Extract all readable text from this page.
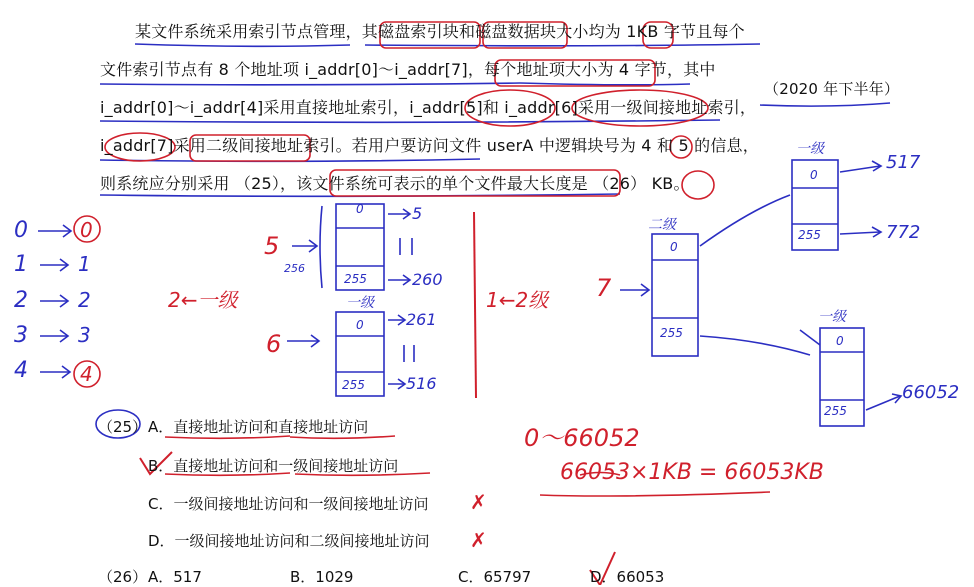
某文件系统采用索引节点管理，其磁盘索引块和磁盘数据块大小均为 1KB 字节且每个
文件索引节点有 8 个地址项 i_addr[0]～i_addr[7]，每个地址项大小为 4 字节，其中
i_addr[0]～i_addr[4]采用直接地址索引，i_addr[5]和 i_addr[6]采用一级间接地址索引，
i_addr[7]采用二级间接地址索引。若用户要访问文件 userA 中逻辑块号为 4 和 5 的信息，
则系统应分别采用 （25），该文件系统可表示的单个文件最大长度是 （26） KB。
（2020 年下半年）
（25） A．直接地址访问和直接地址访问
B．直接地址访问和一级间接地址访问
C．一级间接地址访问和一级间接地址访问
D．一级间接地址访问和二级间接地址访问
（26） A．517	B．1029	C．65797	D．66053
0
1
2
3
4
0
1
2
3
4
5
256
2←一级
6
0
255
一级
0
255
5
260
261
516
1←2级 7
二级
0
255
一级
0
255
517
772
一级
0
255
66052
0～66052
66053×1KB = 66053KB
✗
✗
